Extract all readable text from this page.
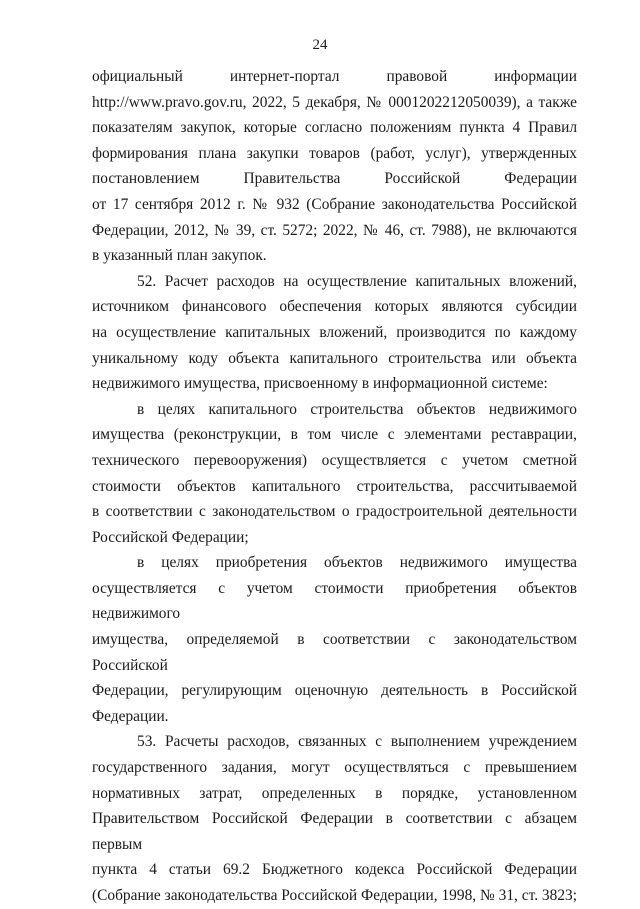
24

официальный интернет-портал правовой информации

http://www.pravo.gov.ru, 2022, 5 декабря, № 0001202212050039), а также

показателям закупок, которые согласно положениям пункта 4 Правил

формирования плана закупки товаров (работ, услуг), утвержденных

постановлением Правительства Российской Федерации

от 17 сентября 2012 г. № 932 (Собрание законодательства Российской

Федерации, 2012, № 39, ст. 5272; 2022, № 46, ст. 7988), не включаются

в указанный план закупок.

52. Расчет расходов на осуществление капитальных вложений,

источником финансового обеспечения которых являются субсидии

на осуществление капитальных вложений, производится по каждому

уникальному коду объекта капитального строительства или объекта

недвижимого имущества, присвоенному в информационной системе:

в целях капитального строительства объектов недвижимого

имущества (реконструкции, в том числе с элементами реставрации,

технического перевооружения) осуществляется с учетом сметной

стоимости объектов капитального строительства, рассчитываемой

в соответствии с законодательством о градостроительной деятельности

Российской Федерации;

в целях приобретения объектов недвижимого имущества

осуществляется с учетом стоимости приобретения объектов недвижимого

имущества, определяемой в соответствии с законодательством Российской

Федерации, регулирующим оценочную деятельность в Российской

Федерации.

53. Расчеты расходов, связанных с выполнением учреждением

государственного задания, могут осуществляться с превышением

нормативных затрат, определенных в порядке, установленном

Правительством Российской Федерации в соответствии с абзацем первым

пункта 4 статьи 69.2 Бюджетного кодекса Российской Федерации

(Собрание законодательства Российской Федерации, 1998, № 31, ст. 3823;
